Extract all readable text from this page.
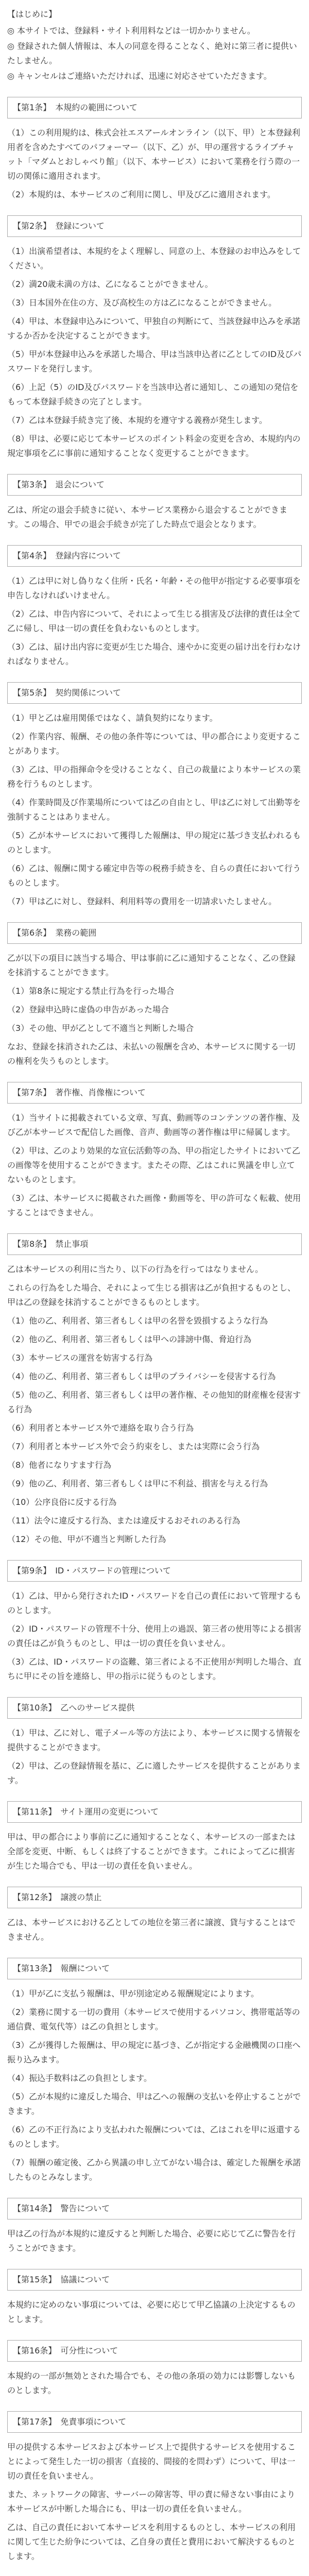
【はじめに】
◎ 本サイトでは、登録料・サイト利用料などは一切かかりません。
◎ 登録された個人情報は、本人の同意を得ることなく、絶対に第三者に提供いたしません。
◎ キャンセルはご連絡いただければ、迅速に対応させていただきます。
【第1条】　 本規約の範囲について

（1）この利用規約は、株式会社エスアールオンライン（以下、甲）と本登録利用者を含めたすべてのパフォーマー（以下、乙）が、甲の運営するライブチャット「マダムとおしゃべり館」（以下、本サービス）において業務を行う際の一切の関係に適用されます。

（2）本規約は、本サービスのご利用に関し、甲及び乙に適用されます。

【第2条】　 登録について

（1）出演希望者は、本規約をよく理解し、同意の上、本登録のお申込みをしてください。

（2）満20歳未満の方は、乙になることができません。

（3）日本国外在住の方、及び高校生の方は乙になることができません。

（4）甲は、本登録申込みについて、甲独自の判断にて、当該登録申込みを承諾するか否かを決定することができます。

（5）甲が本登録申込みを承諾した場合、甲は当該申込者に乙としてのID及びパスワードを発行します。

（6）上記（5）のID及びパスワードを当該申込者に通知し、この通知の発信をもって本登録手続きの完了とします。

（7）乙は本登録手続き完了後、本規約を遵守する義務が発生します。

（8）甲は、必要に応じて本サービスのポイント料金の変更を含め、本規約内の規定事項を乙に事前に通知することなく変更することができます。

【第3条】　 退会について

乙は、所定の退会手続きに従い、本サービス業務から退会することができます。この場合、甲での退会手続きが完了した時点で退会となります。

【第4条】　 登録内容について

（1）乙は甲に対し偽りなく住所・氏名・年齢・その他甲が指定する必要事項を申告しなければいけません。

（2）乙は、申告内容について、それによって生じる損害及び法律的責任は全て乙に帰し、甲は一切の責任を負わないものとします。

（3）乙は、届け出内容に変更が生じた場合、速やかに変更の届け出を行わなければなりません。

【第5条】　 契約関係について

（1）甲と乙は雇用関係ではなく、請負契約になります。

（2）作業内容、報酬、その他の条件等については、甲の都合により変更することがあります。

（3）乙は、甲の指揮命令を受けることなく、自己の裁量により本サービスの業務を行うものとします。

（4）作業時間及び作業場所については乙の自由とし、甲は乙に対して出勤等を強制することはありません。

（5）乙が本サービスにおいて獲得した報酬は、甲の規定に基づき支払われるものとします。

（6）乙は、報酬に関する確定申告等の税務手続きを、自らの責任において行うものとします。

（7）甲は乙に対し、登録料、利用料等の費用を一切請求いたしません。

【第6条】　 業務の範囲

乙が以下の項目に該当する場合、甲は事前に乙に通知することなく、乙の登録を抹消することができます。

（1）第8条に規定する禁止行為を行った場合

（2）登録申込時に虚偽の申告があった場合

（3）その他、甲が乙として不適当と判断した場合

なお、登録を抹消された乙は、未払いの報酬を含め、本サービスに関する一切の権利を失うものとします。

【第7条】　 著作権、肖像権について

（1）当サイトに掲載されている文章、写真、動画等のコンテンツの著作権、及び乙が本サービスで配信した画像、音声、動画等の著作権は甲に帰属します。

（2）甲は、乙のより効果的な宣伝活動等の為、甲の指定したサイトにおいて乙の画像等を使用することができます。またその際、乙はこれに異議を申し立てないものとします。

（3）乙は、本サービスに掲載された画像・動画等を、甲の許可なく転載、使用することはできません。

【第8条】　 禁止事項

乙は本サービスの利用に当たり、以下の行為を行ってはなりません。

これらの行為をした場合、それによって生じる損害は乙が負担するものとし、甲は乙の登録を抹消することができるものとします。

（1）他の乙、利用者、第三者もしくは甲の名誉を毀損するような行為

（2）他の乙、利用者、第三者もしくは甲への誹謗中傷、脅迫行為

（3）本サービスの運営を妨害する行為

（4）他の乙、利用者、第三者もしくは甲のプライバシーを侵害する行為

（5）他の乙、利用者、第三者もしくは甲の著作権、その他知的財産権を侵害する行為

（6）利用者と本サービス外で連絡を取り合う行為

（7）利用者と本サービス外で会う約束をし、または実際に会う行為

（8）他者になりすます行為

（9）他の乙、利用者、第三者もしくは甲に不利益、損害を与える行為

（10）公序良俗に反する行為

（11）法令に違反する行為、または違反するおそれのある行為

（12）その他、甲が不適当と判断した行為

【第9条】　 ID・パスワードの管理について

（1）乙は、甲から発行されたID・パスワードを自己の責任において管理するものとします。

（2）ID・パスワードの管理不十分、使用上の過誤、第三者の使用等による損害の責任は乙が負うものとし、甲は一切の責任を負いません。

（3）乙は、ID・パスワードの盗難、第三者による不正使用が判明した場合、直ちに甲にその旨を連絡し、甲の指示に従うものとします。

【第10条】　 乙へのサービス提供

（1）甲は、乙に対し、電子メール等の方法により、本サービスに関する情報を提供することができます。

（2）甲は、乙の登録情報を基に、乙に適したサービスを提供することがあります。

【第11条】　 サイト運用の変更について

甲は、甲の都合により事前に乙に通知することなく、本サービスの一部または全部を変更、中断、もしくは終了することができます。これによって乙に損害が生じた場合でも、甲は一切の責任を負いません。

【第12条】　 譲渡の禁止

乙は、本サービスにおける乙としての地位を第三者に譲渡、貸与することはできません。

【第13条】　 報酬について

（1）甲が乙に支払う報酬は、甲が別途定める報酬規定によります。

（2）業務に関する一切の費用（本サービスで使用するパソコン、携帯電話等の通信費、電気代等）は乙の負担とします。

（3）乙が獲得した報酬は、甲の規定に基づき、乙が指定する金融機関の口座へ振り込みます。

（4）振込手数料は乙の負担とします。

（5）乙が本規約に違反した場合、甲は乙への報酬の支払いを停止することができます。

（6）乙の不正行為により支払われた報酬については、乙はこれを甲に返還するものとします。

（7）報酬の確定後、乙から異議の申し立てがない場合は、確定した報酬を承諾したものとみなします。

【第14条】　 警告について

甲は乙の行為が本規約に違反すると判断した場合、必要に応じて乙に警告を行うことができます。

【第15条】　 協議について

本規約に定めのない事項については、必要に応じて甲乙協議の上決定するものとします。

【第16条】　 可分性について

本規約の一部が無効とされた場合でも、その他の条項の効力には影響しないものとします。

【第17条】　 免責事項について

甲の提供する本サービスおよび本サービス上で提供するサービスを使用することによって発生した一切の損害（直接的、間接的を問わず）について、甲は一切の責任を負いません。

また、ネットワークの障害、サーバーの障害等、甲の責に帰さない事由により本サービスが中断した場合にも、甲は一切の責任を負いません。

乙は、自己の責任において本サービスを利用するものとし、本サービスの利用に関して生じた紛争については、乙自身の責任と費用において解決するものとします。
